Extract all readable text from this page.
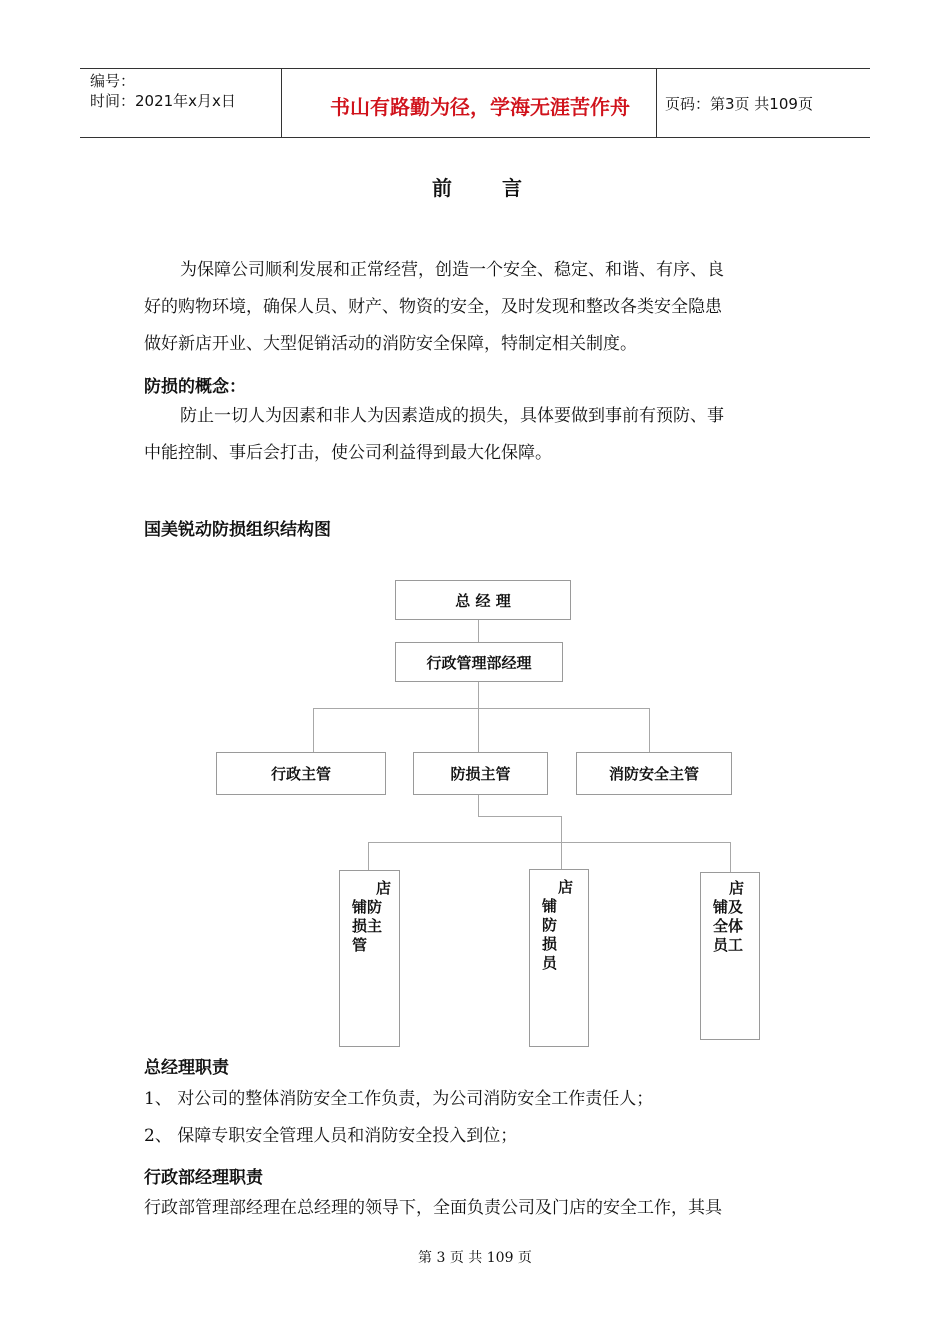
编号：
时间：2021年x月x日	书山有路勤为径，学海无涯苦作舟	页码：第3页 共109页
前言
为保障公司顺利发展和正常经营，创造一个安全、稳定、和谐、有序、良
好的购物环境，确保人员、财产、物资的安全，及时发现和整改各类安全隐患
做好新店开业、大型促销活动的消防安全保障，特制定相关制度。
防损的概念：
防止一切人为因素和非人为因素造成的损失，具体要做到事前有预防、事
中能控制、事后会打击，使公司利益得到最大化保障。
国美锐动防损组织结构图
总 经 理
行政管理部经理
行政主管	防损主管	消防安全主管
店
铺防
损主
管
店
铺
防
损
员
店
铺及
全体
员工
总经理职责
1、 对公司的整体消防安全工作负责，为公司消防安全工作责任人；
2、 保障专职安全管理人员和消防安全投入到位；
行政部经理职责
行政部管理部经理在总经理的领导下，全面负责公司及门店的安全工作，其具
第 3 页 共 109 页
